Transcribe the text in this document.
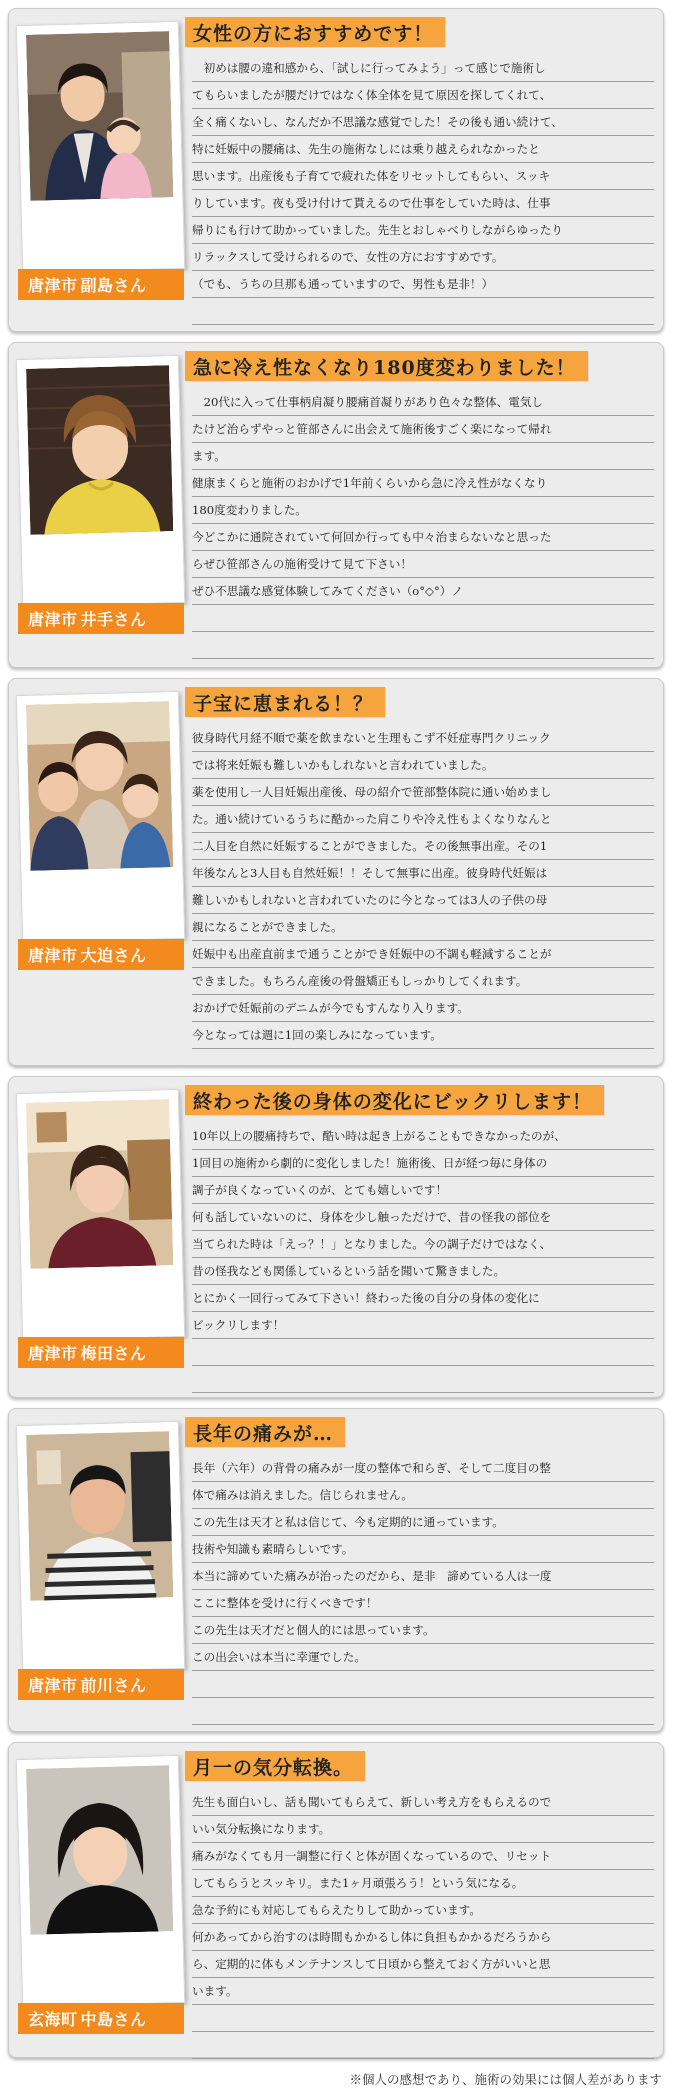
唐津市 副島さん
女性の方におすすめです！

　初めは腰の違和感から、「試しに行ってみよう」って感じで施術し

てもらいましたが腰だけではなく体全体を見て原因を探してくれて、

全く痛くないし、なんだか不思議な感覚でした！その後も通い続けて、

特に妊娠中の腰痛は、先生の施術なしには乗り越えられなかったと

思います。出産後も子育てで疲れた体をリセットしてもらい、スッキ

りしています。夜も受け付けて貰えるので仕事をしていた時は、仕事

帰りにも行けて助かっていました。先生とおしゃべりしながらゆったり

リラックスして受けられるので、女性の方におすすめです。

（でも、うちの旦那も通っていますので、男性も是非！）

唐津市 井手さん
急に冷え性なくなり180度変わりました！

　20代に入って仕事柄肩凝り腰痛首凝りがあり色々な整体、電気し

たけど治らずやっと笹部さんに出会えて施術後すごく楽になって帰れ

ます。

健康まくらと施術のおかげで1年前くらいから急に冷え性がなくなり

180度変わりました。

今どこかに通院されていて何回か行っても中々治まらないなと思った

らぜひ笹部さんの施術受けて見て下さい！

ぜひ不思議な感覚体験してみてください（о°◇°）ノ

唐津市 大迫さん
子宝に恵まれる！？

彼身時代月経不順で薬を飲まないと生理もこず不妊症専門クリニック

では将来妊娠も難しいかもしれないと言われていました。

薬を使用し一人目妊娠出産後、母の紹介で笹部整体院に通い始めまし

た。通い続けているうちに酷かった肩こりや冷え性もよくなりなんと

二人目を自然に妊娠することができました。その後無事出産。その1

年後なんと3人目も自然妊娠！！そして無事に出産。彼身時代妊娠は

難しいかもしれないと言われていたのに今となっては3人の子供の母

親になることができました。

妊娠中も出産直前まで通うことができ妊娠中の不調も軽減することが

できました。もちろん産後の骨盤矯正もしっかりしてくれます。

おかげで妊娠前のデニムが今でもすんなり入ります。

今となっては週に1回の楽しみになっています。

唐津市 梅田さん
終わった後の身体の変化にビックリします！

10年以上の腰痛持ちで、酷い時は起き上がることもできなかったのが、

1回目の施術から劇的に変化しました！施術後、日が経つ毎に身体の

調子が良くなっていくのが、とても嬉しいです！

何も話していないのに、身体を少し触っただけで、昔の怪我の部位を

当てられた時は「えっ？！」となりました。今の調子だけではなく、

昔の怪我なども関係しているという話を聞いて驚きました。

とにかく一回行ってみて下さい！終わった後の自分の身体の変化に

ビックリします！

唐津市 前川さん
長年の痛みが…

長年（六年）の背骨の痛みが一度の整体で和らぎ、そして二度目の整

体で痛みは消えました。信じられません。

この先生は天才と私は信じて、今も定期的に通っています。

技術や知識も素晴らしいです。

本当に諦めていた痛みが治ったのだから、是非　諦めている人は一度

ここに整体を受けに行くべきです！

この先生は天才だと個人的には思っています。

この出会いは本当に幸運でした。

玄海町 中島さん
月一の気分転換。

先生も面白いし、話も聞いてもらえて、新しい考え方をもらえるので

いい気分転換になります。

痛みがなくても月一調整に行くと体が固くなっているので、リセット

してもらうとスッキリ。また1ヶ月頑張ろう！という気になる。

急な予約にも対応してもらえたりして助かっています。

何かあってから治すのは時間もかかるし体に負担もかかるだろうから

ら、定期的に体もメンテナンスして日頃から整えておく方がいいと思

います。

※個人の感想であり、施術の効果には個人差があります
